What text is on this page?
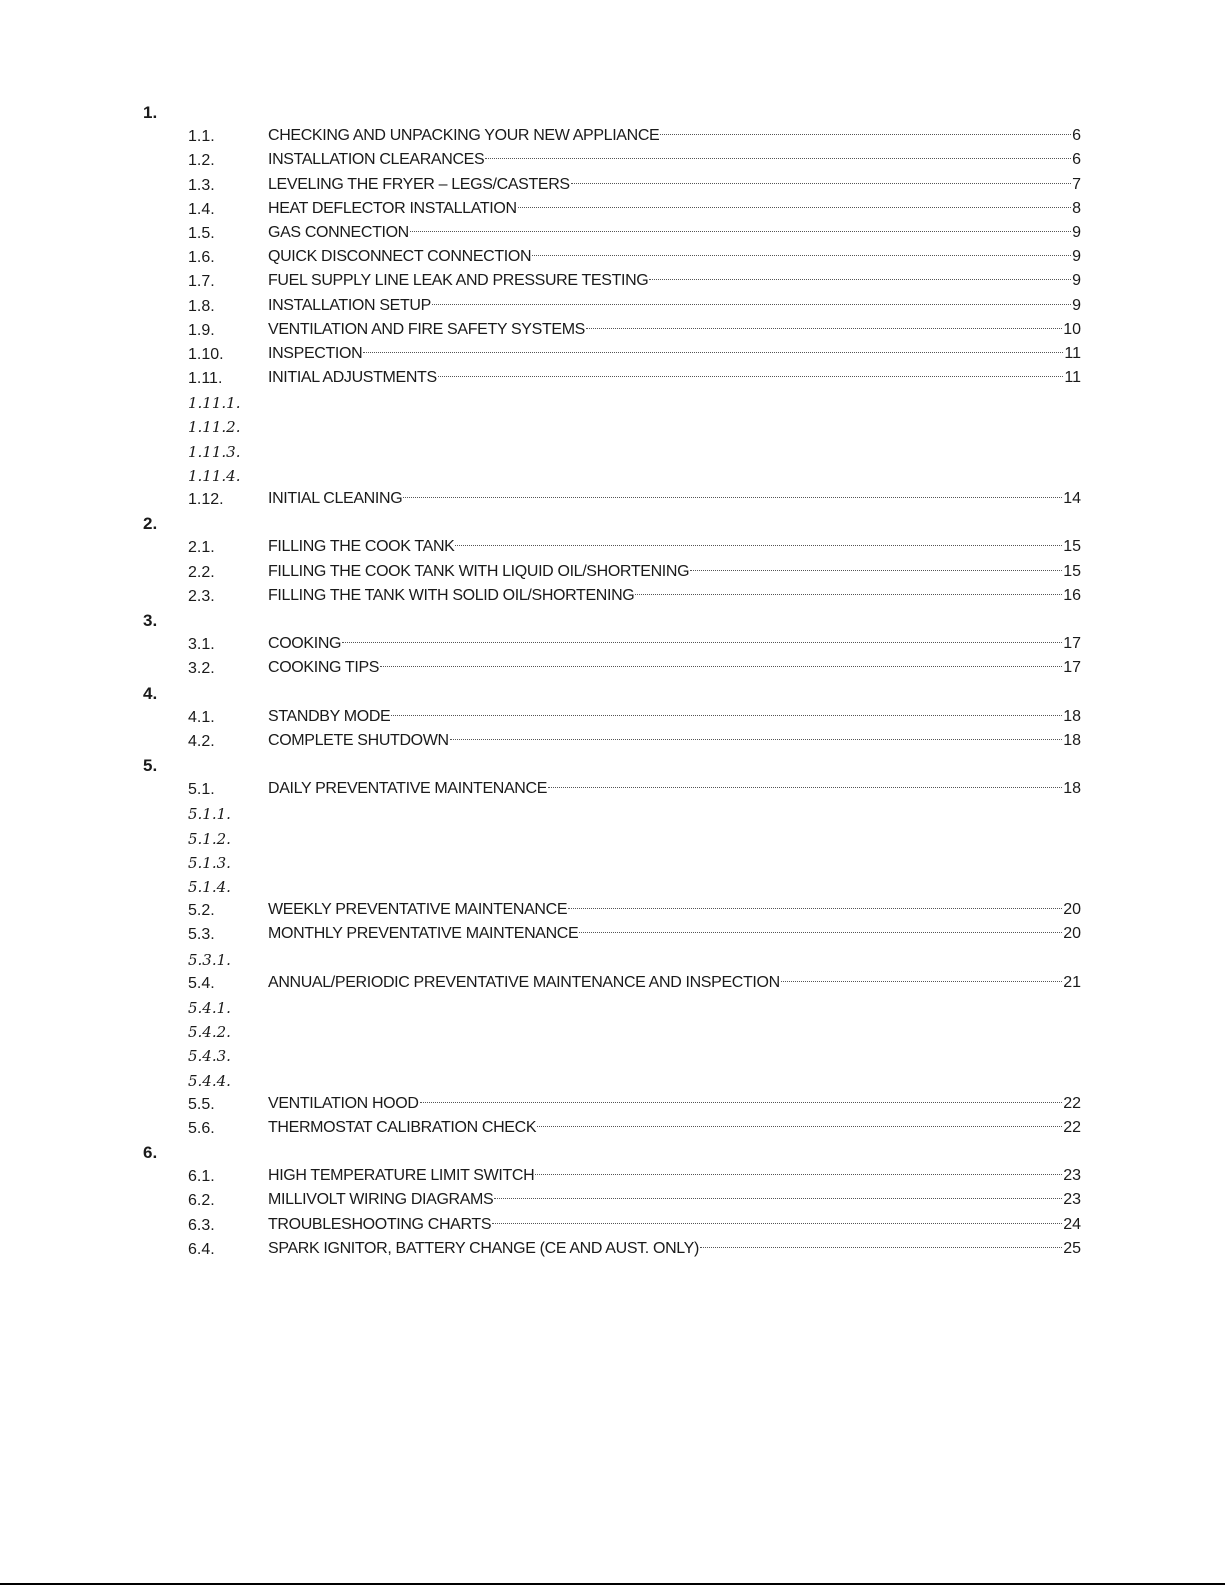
1.
1.1.	CHECKING AND UNPACKING YOUR NEW APPLIANCE	6
1.2.	INSTALLATION CLEARANCES	6
1.3.	LEVELING THE FRYER – LEGS/CASTERS	7
1.4.	HEAT DEFLECTOR INSTALLATION	8
1.5.	GAS CONNECTION	9
1.6.	QUICK DISCONNECT CONNECTION	9
1.7.	FUEL SUPPLY LINE LEAK AND PRESSURE TESTING	9
1.8.	INSTALLATION SETUP	9
1.9.	VENTILATION AND FIRE SAFETY SYSTEMS	10
1.10.	INSPECTION	11
1.11.	INITIAL ADJUSTMENTS	11
1.11.1.
1.11.2.
1.11.3.
1.11.4.
1.12.	INITIAL CLEANING	14
2.
2.1.	FILLING THE COOK TANK	15
2.2.	FILLING THE COOK TANK WITH LIQUID OIL/SHORTENING	15
2.3.	FILLING THE TANK WITH SOLID OIL/SHORTENING	16
3.
3.1.	COOKING	17
3.2.	COOKING TIPS	17
4.
4.1.	STANDBY MODE	18
4.2.	COMPLETE SHUTDOWN	18
5.
5.1.	DAILY PREVENTATIVE MAINTENANCE	18
5.1.1.
5.1.2.
5.1.3.
5.1.4.
5.2.	WEEKLY PREVENTATIVE MAINTENANCE	20
5.3.	MONTHLY PREVENTATIVE MAINTENANCE	20
5.3.1.
5.4.	ANNUAL/PERIODIC PREVENTATIVE MAINTENANCE AND INSPECTION	21
5.4.1.
5.4.2.
5.4.3.
5.4.4.
5.5.	VENTILATION HOOD	22
5.6.	THERMOSTAT CALIBRATION CHECK	22
6.
6.1.	HIGH TEMPERATURE LIMIT SWITCH	23
6.2.	MILLIVOLT WIRING DIAGRAMS	23
6.3.	TROUBLESHOOTING CHARTS	24
6.4.	SPARK IGNITOR, BATTERY CHANGE (CE AND AUST. ONLY)	25
